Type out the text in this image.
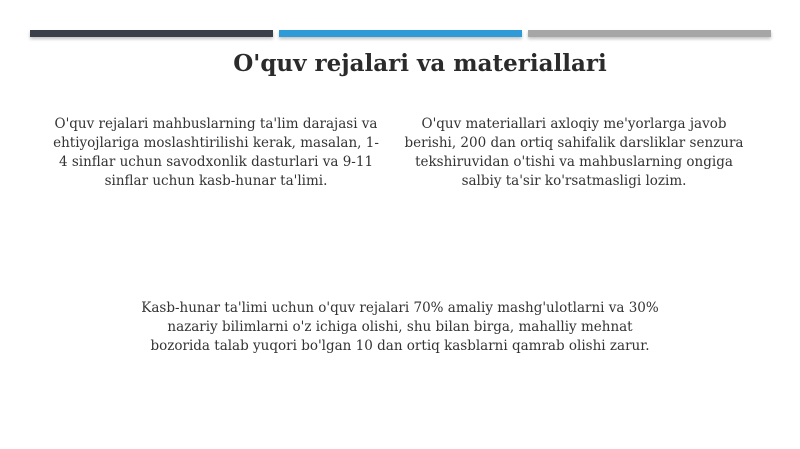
O'quv rejalari va materiallari

O'quv rejalari mahbuslarning ta'lim darajasi va ehtiyojlariga moslashtirilishi kerak, masalan, 1-4 sinflar uchun savodxonlik dasturlari va 9-11 sinflar uchun kasb-hunar ta'limi.

O'quv materiallari axloqiy me'yorlarga javob berishi, 200 dan ortiq sahifalik darsliklar senzura tekshiruvidan o'tishi va mahbuslarning ongiga salbiy ta'sir ko'rsatmasligi lozim.

Kasb-hunar ta'limi uchun o'quv rejalari 70% amaliy mashg'ulotlarni va 30% nazariy bilimlarni o'z ichiga olishi, shu bilan birga, mahalliy mehnat bozorida talab yuqori bo'lgan 10 dan ortiq kasblarni qamrab olishi zarur.
